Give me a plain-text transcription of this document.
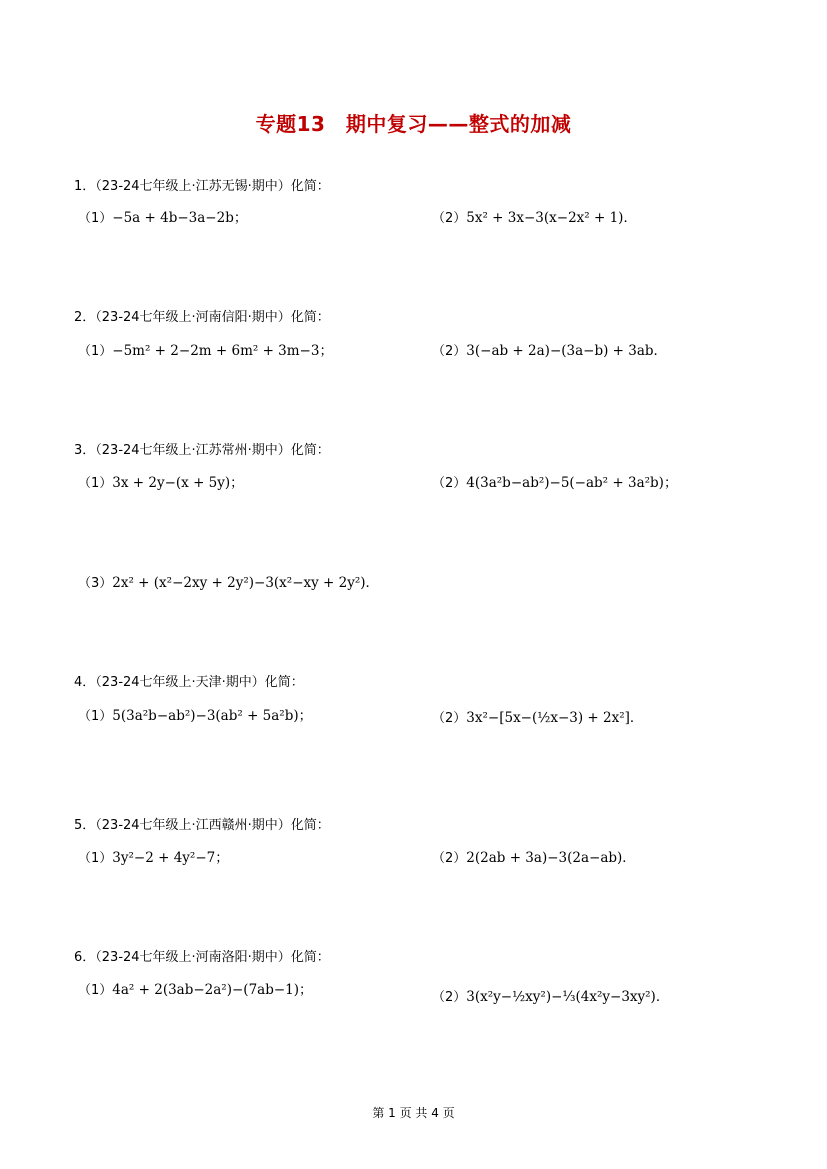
专题13　期中复习——整式的加减
1．（23-24七年级上·江苏无锡·期中）化简：
（1）−5a + 4b−3a−2b；	（2）5x² + 3x−3(x−2x² + 1)．
2．（23-24七年级上·河南信阳·期中）化简：
（1）−5m² + 2−2m + 6m² + 3m−3；	（2）3(−ab + 2a)−(3a−b) + 3ab．
3．（23-24七年级上·江苏常州·期中）化简：
（1）3x + 2y−(x + 5y)；	（2）4(3a²b−ab²)−5(−ab² + 3a²b)；
（3）2x² + (x²−2xy + 2y²)−3(x²−xy + 2y²)．
4．（23-24七年级上·天津·期中）化简：
（1）5(3a²b−ab²)−3(ab² + 5a²b)；	（2）3x²−[5x−(½x−3) + 2x²]．
5．（23-24七年级上·江西赣州·期中）化简：
（1）3y²−2 + 4y²−7；	（2）2(2ab + 3a)−3(2a−ab)．
6．（23-24七年级上·河南洛阳·期中）化简：
（1）4a² + 2(3ab−2a²)−(7ab−1)；	（2）3(x²y−½xy²)−⅓(4x²y−3xy²)．
第 1 页 共 4 页
